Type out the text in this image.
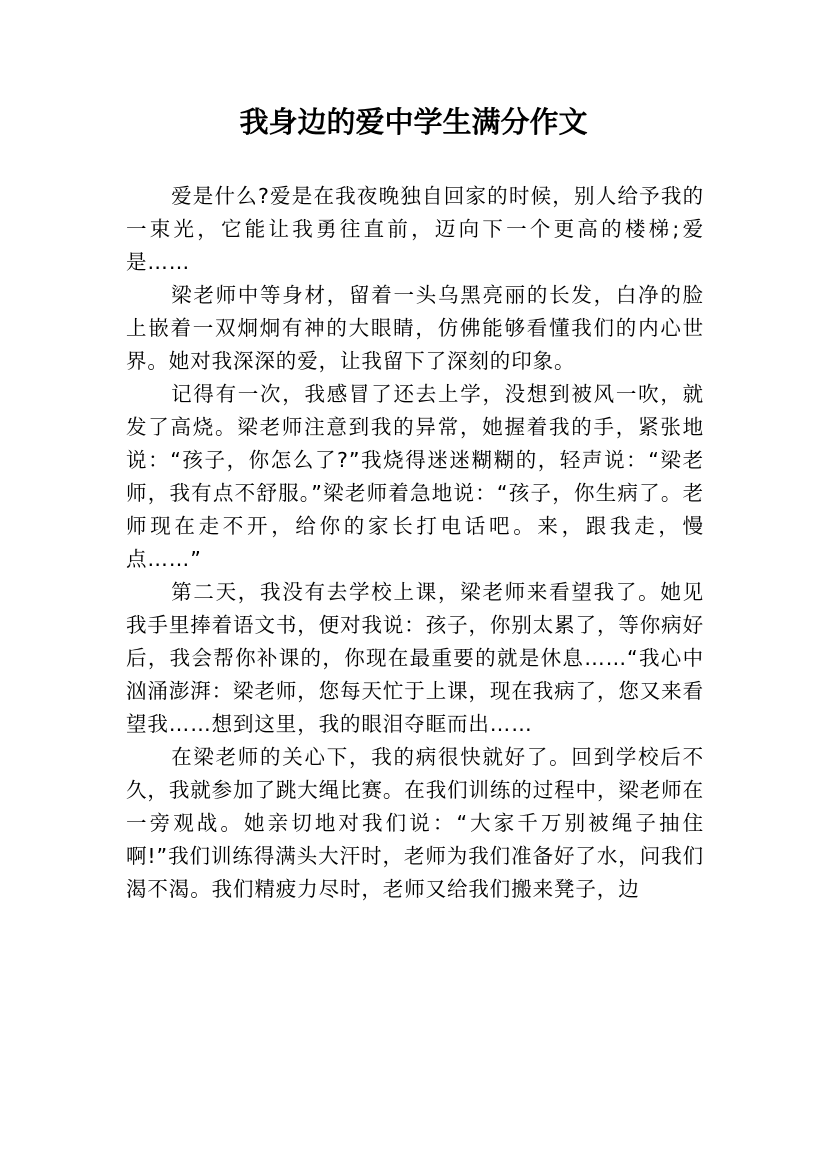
我身边的爱中学生满分作文

爱是什么?爱是在我夜晚独自回家的时候，别人给予我的一束光，它能让我勇往直前，迈向下一个更高的楼梯;爱是……

梁老师中等身材，留着一头乌黑亮丽的长发，白净的脸上嵌着一双炯炯有神的大眼睛，仿佛能够看懂我们的内心世界。她对我深深的爱，让我留下了深刻的印象。

记得有一次，我感冒了还去上学，没想到被风一吹，就发了高烧。梁老师注意到我的异常，她握着我的手，紧张地说：“孩子，你怎么了?”我烧得迷迷糊糊的，轻声说：“梁老师，我有点不舒服。”梁老师着急地说：“孩子，你生病了。老师现在走不开，给你的家长打电话吧。来，跟我走，慢点……”

第二天，我没有去学校上课，梁老师来看望我了。她见我手里捧着语文书，便对我说：孩子，你别太累了，等你病好后，我会帮你补课的，你现在最重要的就是休息……“我心中汹涌澎湃：梁老师，您每天忙于上课，现在我病了，您又来看望我……想到这里，我的眼泪夺眶而出……

在梁老师的关心下，我的病很快就好了。回到学校后不久，我就参加了跳大绳比赛。在我们训练的过程中，梁老师在一旁观战。她亲切地对我们说：“大家千万别被绳子抽住啊!”我们训练得满头大汗时，老师为我们准备好了水，问我们渴不渴。我们精疲力尽时，老师又给我们搬来凳子，边
